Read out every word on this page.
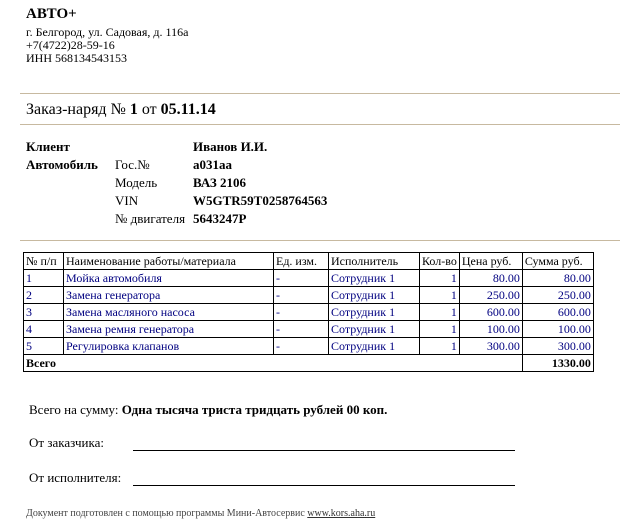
АВТО+
г. Белгород, ул. Садовая, д. 116а
+7(4722)28-59-16
ИНН 568134543153
Заказ-наряд № 1 от 05.11.14
Клиент	Иванов И.И.
Автомобиль Гос.№	а031аа
Модель	ВАЗ 2106
VIN	W5GTR59T0258764563
№ двигателя 5643247P
№ п/п	Наименование работы/материала	Ед. изм.	Исполнитель	Кол-во	Цена руб.	Сумма руб.
1	Мойка автомобиля	-	Сотрудник 1	1	80.00	80.00
2	Замена генератора	-	Сотрудник 1	1	250.00	250.00
3	Замена масляного насоса	-	Сотрудник 1	1	600.00	600.00
4	Замена ремня генератора	-	Сотрудник 1	1	100.00	100.00
5	Регулировка клапанов	-	Сотрудник 1	1	300.00	300.00
Всего						1330.00
Всего на сумму: Одна тысяча триста тридцать рублей 00 коп.
От заказчика:
От исполнителя:
Документ подготовлен с помощью программы Мини-Автосервис www.kors.aha.ru
